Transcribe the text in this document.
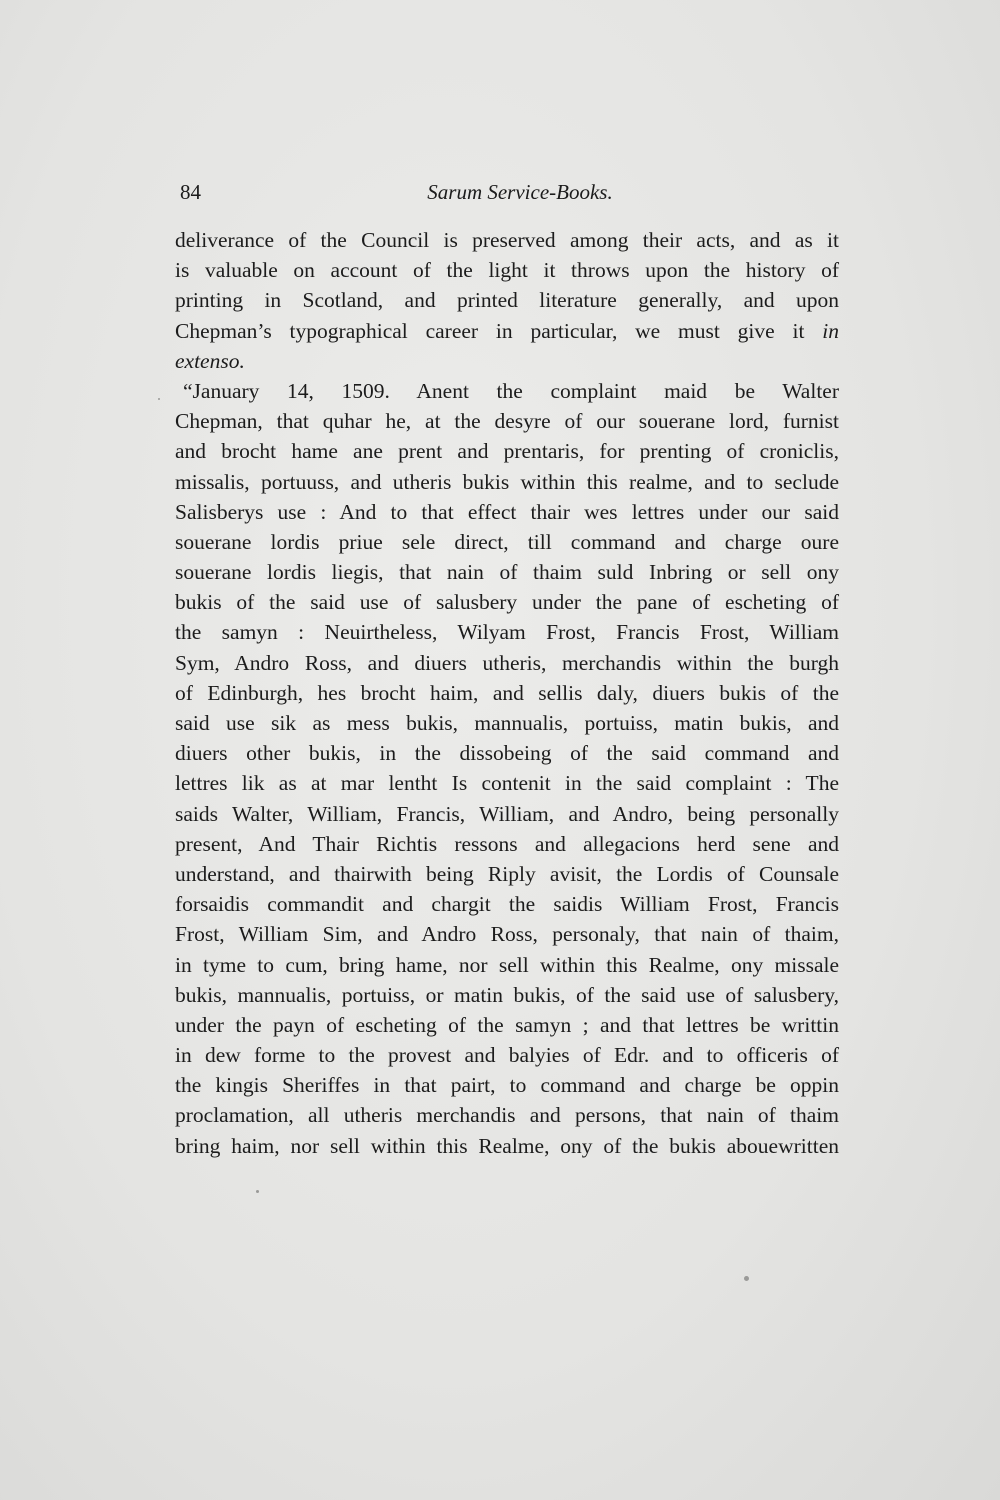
84	Sarum Service-Books.
deliverance of the Council is preserved among their acts, and as it
is valuable on account of the light it throws upon the history of
printing in Scotland, and printed literature generally, and upon
Chepman’s typographical career in particular, we must give it in
extenso.
“January 14, 1509. Anent the complaint maid be Walter
Chepman, that quhar he, at the desyre of our souerane lord, furnist
and brocht hame ane prent and prentaris, for prenting of croniclis,
missalis, portuuss, and utheris bukis within this realme, and to seclude
Salisberys use : And to that effect thair wes lettres under our said
souerane lordis priue sele direct, till command and charge oure
souerane lordis liegis, that nain of thaim suld Inbring or sell ony
bukis of the said use of salusbery under the pane of escheting of
the samyn : Neuirtheless, Wilyam Frost, Francis Frost, William
Sym, Andro Ross, and diuers utheris, merchandis within the burgh
of Edinburgh, hes brocht haim, and sellis daly, diuers bukis of the
said use sik as mess bukis, mannualis, portuiss, matin bukis, and
diuers other bukis, in the dissobeing of the said command and
lettres lik as at mar lentht Is contenit in the said complaint : The
saids Walter, William, Francis, William, and Andro, being personally
present, And Thair Richtis ressons and allegacions herd sene and
understand, and thairwith being Riply avisit, the Lordis of Counsale
forsaidis commandit and chargit the saidis William Frost, Francis
Frost, William Sim, and Andro Ross, personaly, that nain of thaim,
in tyme to cum, bring hame, nor sell within this Realme, ony missale
bukis, mannualis, portuiss, or matin bukis, of the said use of salusbery,
under the payn of escheting of the samyn ; and that lettres be writtin
in dew forme to the provest and balyies of Edr. and to officeris of
the kingis Sheriffes in that pairt, to command and charge be oppin
proclamation, all utheris merchandis and persons, that nain of thaim
bring haim, nor sell within this Realme, ony of the bukis abouewritten
